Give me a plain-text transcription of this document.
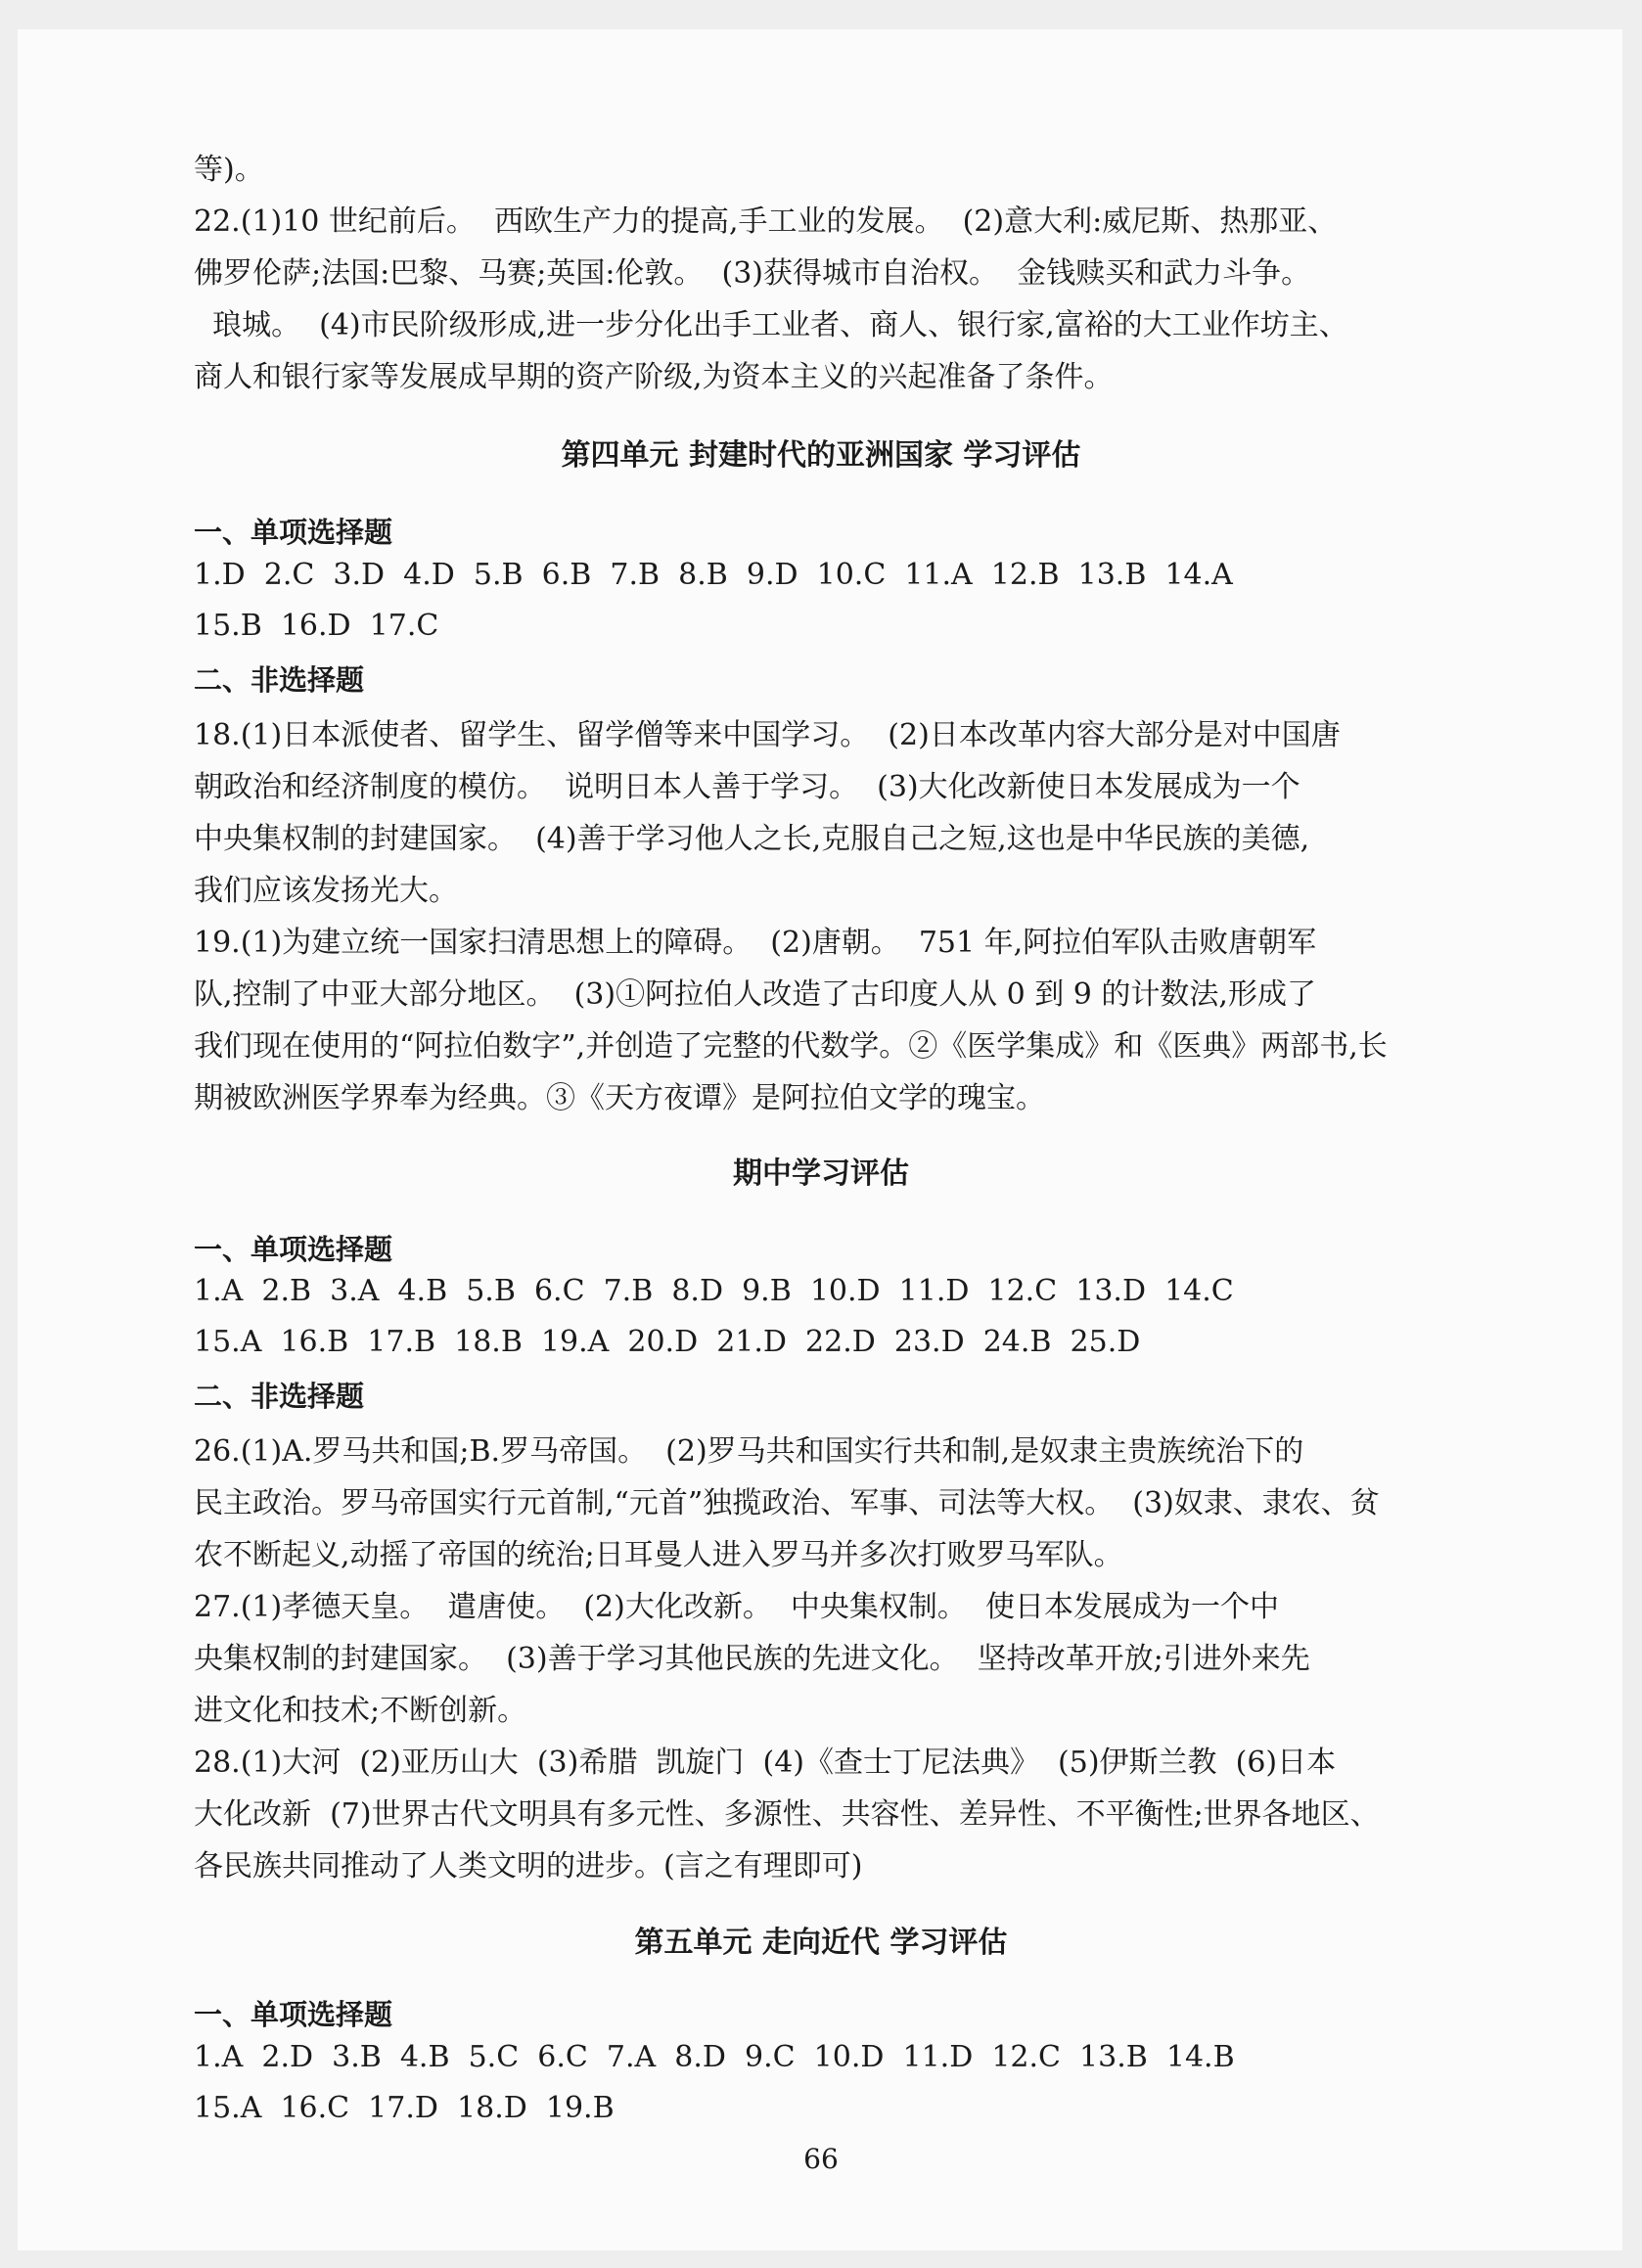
等)。
22.(1)10 世纪前后。  西欧生产力的提高,手工业的发展。  (2)意大利:威尼斯、热那亚、
佛罗伦萨;法国:巴黎、马赛;英国:伦敦。  (3)获得城市自治权。  金钱赎买和武力斗争。
琅城。  (4)市民阶级形成,进一步分化出手工业者、商人、银行家,富裕的大工业作坊主、
商人和银行家等发展成早期的资产阶级,为资本主义的兴起准备了条件。
第四单元 封建时代的亚洲国家 学习评估
一、单项选择题
1.D  2.C  3.D  4.D  5.B  6.B  7.B  8.B  9.D  10.C  11.A  12.B  13.B  14.A
15.B  16.D  17.C
二、非选择题
18.(1)日本派使者、留学生、留学僧等来中国学习。  (2)日本改革内容大部分是对中国唐
朝政治和经济制度的模仿。  说明日本人善于学习。  (3)大化改新使日本发展成为一个
中央集权制的封建国家。  (4)善于学习他人之长,克服自己之短,这也是中华民族的美德,
我们应该发扬光大。
19.(1)为建立统一国家扫清思想上的障碍。  (2)唐朝。  751 年,阿拉伯军队击败唐朝军
队,控制了中亚大部分地区。  (3)①阿拉伯人改造了古印度人从 0 到 9 的计数法,形成了
我们现在使用的“阿拉伯数字”,并创造了完整的代数学。②《医学集成》和《医典》两部书,长
期被欧洲医学界奉为经典。③《天方夜谭》是阿拉伯文学的瑰宝。
期中学习评估
一、单项选择题
1.A  2.B  3.A  4.B  5.B  6.C  7.B  8.D  9.B  10.D  11.D  12.C  13.D  14.C
15.A  16.B  17.B  18.B  19.A  20.D  21.D  22.D  23.D  24.B  25.D
二、非选择题
26.(1)A.罗马共和国;B.罗马帝国。  (2)罗马共和国实行共和制,是奴隶主贵族统治下的
民主政治。罗马帝国实行元首制,“元首”独揽政治、军事、司法等大权。  (3)奴隶、隶农、贫
农不断起义,动摇了帝国的统治;日耳曼人进入罗马并多次打败罗马军队。
27.(1)孝德天皇。  遣唐使。  (2)大化改新。  中央集权制。  使日本发展成为一个中
央集权制的封建国家。  (3)善于学习其他民族的先进文化。  坚持改革开放;引进外来先
进文化和技术;不断创新。
28.(1)大河  (2)亚历山大  (3)希腊  凯旋门  (4)《查士丁尼法典》  (5)伊斯兰教  (6)日本
大化改新  (7)世界古代文明具有多元性、多源性、共容性、差异性、不平衡性;世界各地区、
各民族共同推动了人类文明的进步。(言之有理即可)
第五单元 走向近代 学习评估
一、单项选择题
1.A  2.D  3.B  4.B  5.C  6.C  7.A  8.D  9.C  10.D  11.D  12.C  13.B  14.B
15.A  16.C  17.D  18.D  19.B
66
